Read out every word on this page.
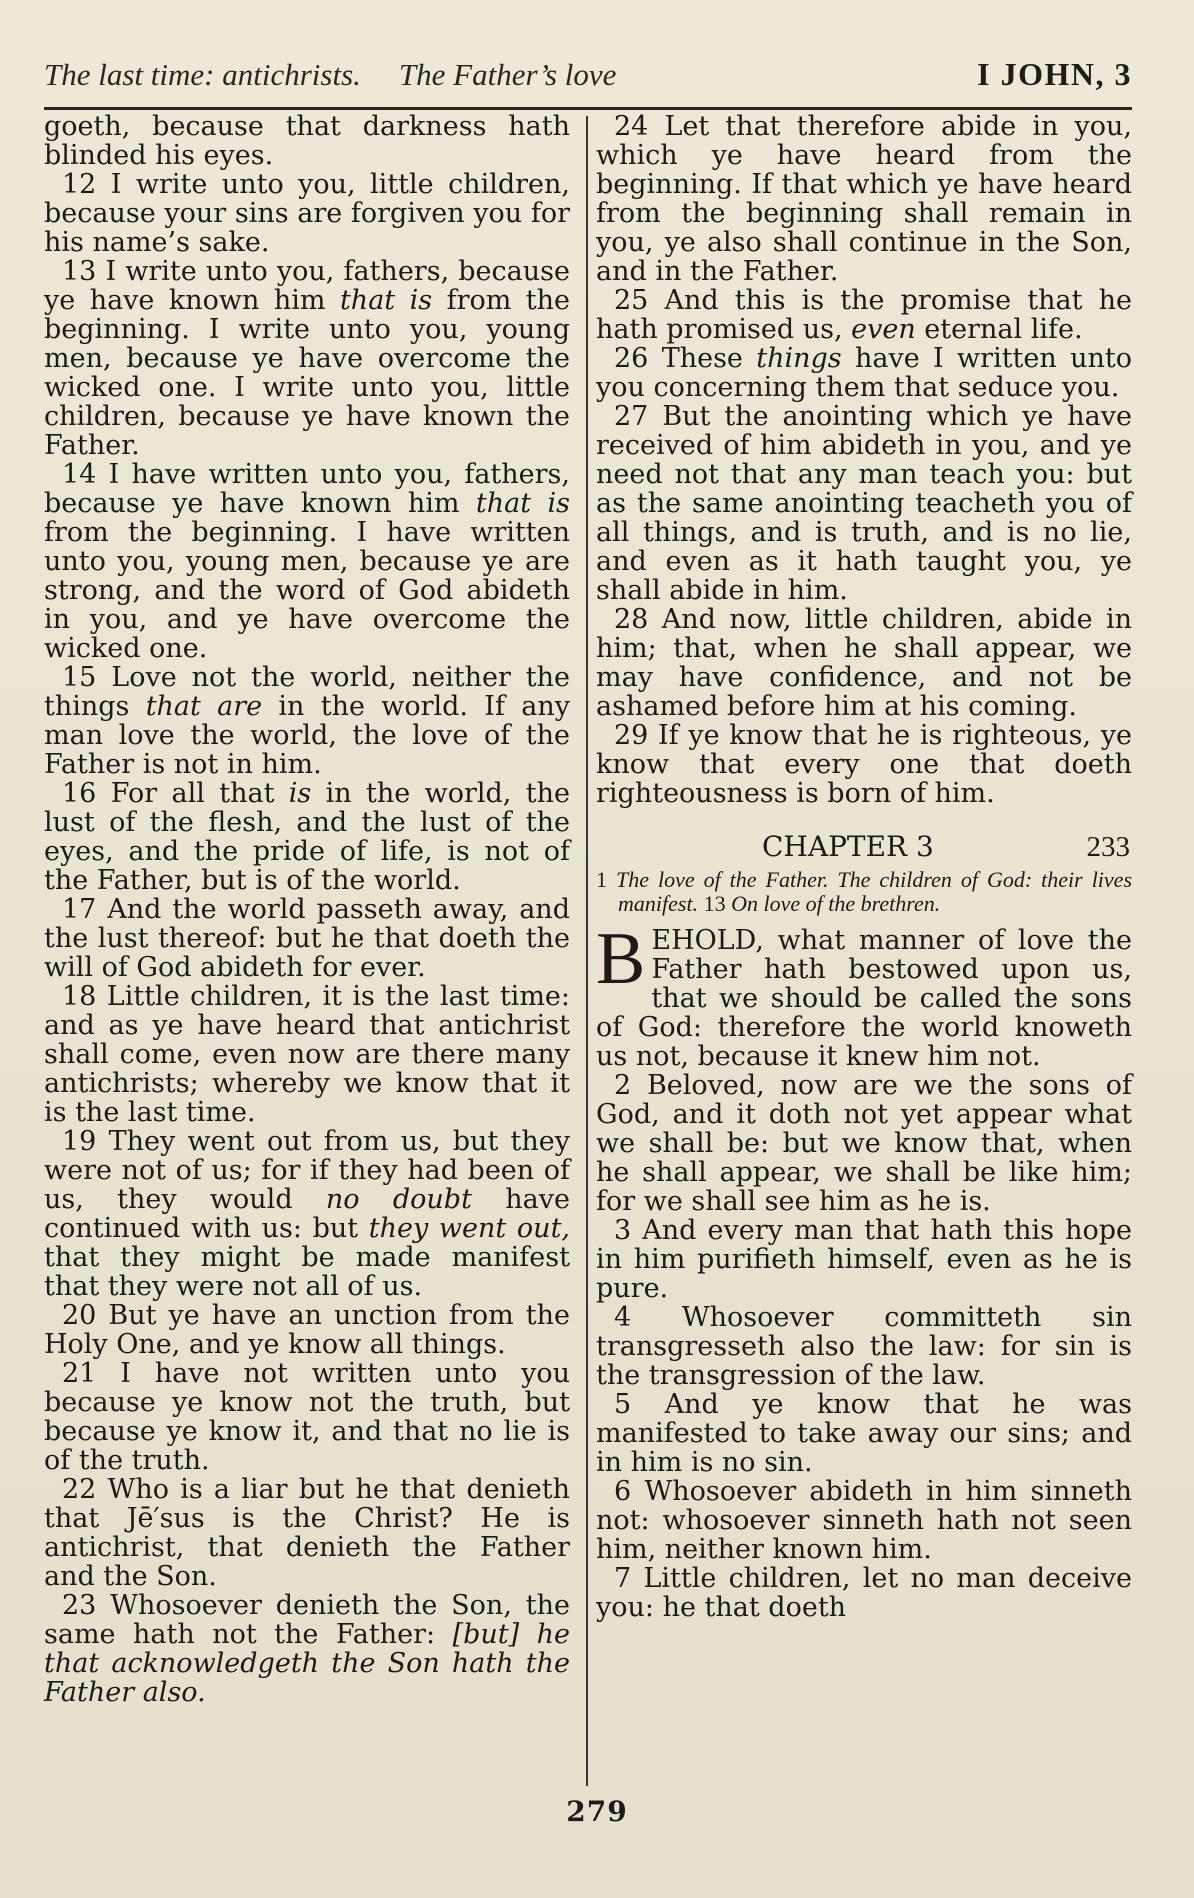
The last time: antichrists. The Father’s love	I JOHN, 3

goeth, because that darkness hath blinded his eyes.

12 I write unto you, little children, because your sins are forgiven you for his name’s sake.

13 I write unto you, fathers, because ye have known him that is from the beginning. I write unto you, young men, because ye have overcome the wicked one. I write unto you, little children, because ye have known the Father.

14 I have written unto you, fathers, because ye have known him that is from the beginning. I have written unto you, young men, because ye are strong, and the word of God abideth in you, and ye have overcome the wicked one.

15 Love not the world, neither the things that are in the world. If any man love the world, the love of the Father is not in him.

16 For all that is in the world, the lust of the flesh, and the lust of the eyes, and the pride of life, is not of the Father, but is of the world.

17 And the world passeth away, and the lust thereof: but he that doeth the will of God abideth for ever.

18 Little children, it is the last time: and as ye have heard that antichrist shall come, even now are there many antichrists; whereby we know that it is the last time.

19 They went out from us, but they were not of us; for if they had been of us, they would no doubt have continued with us: but they went out, that they might be made manifest that they were not all of us.

20 But ye have an unction from the Holy One, and ye know all things.

21 I have not written unto you because ye know not the truth, but because ye know it, and that no lie is of the truth.

22 Who is a liar but he that denieth that Jē′sus is the Christ? He is antichrist, that denieth the Father and the Son.

23 Whosoever denieth the Son, the same hath not the Father: [but] he that acknowledgeth the Son hath the Father also.

24 Let that therefore abide in you, which ye have heard from the beginning. If that which ye have heard from the beginning shall remain in you, ye also shall continue in the Son, and in the Father.

25 And this is the promise that he hath promised us, even eternal life.

26 These things have I written unto you concerning them that seduce you.

27 But the anointing which ye have received of him abideth in you, and ye need not that any man teach you: but as the same anointing teacheth you of all things, and is truth, and is no lie, and even as it hath taught you, ye shall abide in him.

28 And now, little children, abide in him; that, when he shall appear, we may have confidence, and not be ashamed before him at his coming.

29 If ye know that he is righteous, ye know that every one that doeth righteousness is born of him.

CHAPTER 3	233

1 The love of the Father. The children of God: their lives manifest. 13 On love of the brethren.

BEHOLD, what manner of love the Father hath bestowed upon us, that we should be called the sons of God: therefore the world knoweth us not, because it knew him not.

2 Beloved, now are we the sons of God, and it doth not yet appear what we shall be: but we know that, when he shall appear, we shall be like him; for we shall see him as he is.

3 And every man that hath this hope in him purifieth himself, even as he is pure.

4 Whosoever committeth sin transgresseth also the law: for sin is the transgression of the law.

5 And ye know that he was manifested to take away our sins; and in him is no sin.

6 Whosoever abideth in him sinneth not: whosoever sinneth hath not seen him, neither known him.

7 Little children, let no man deceive you: he that doeth

279
